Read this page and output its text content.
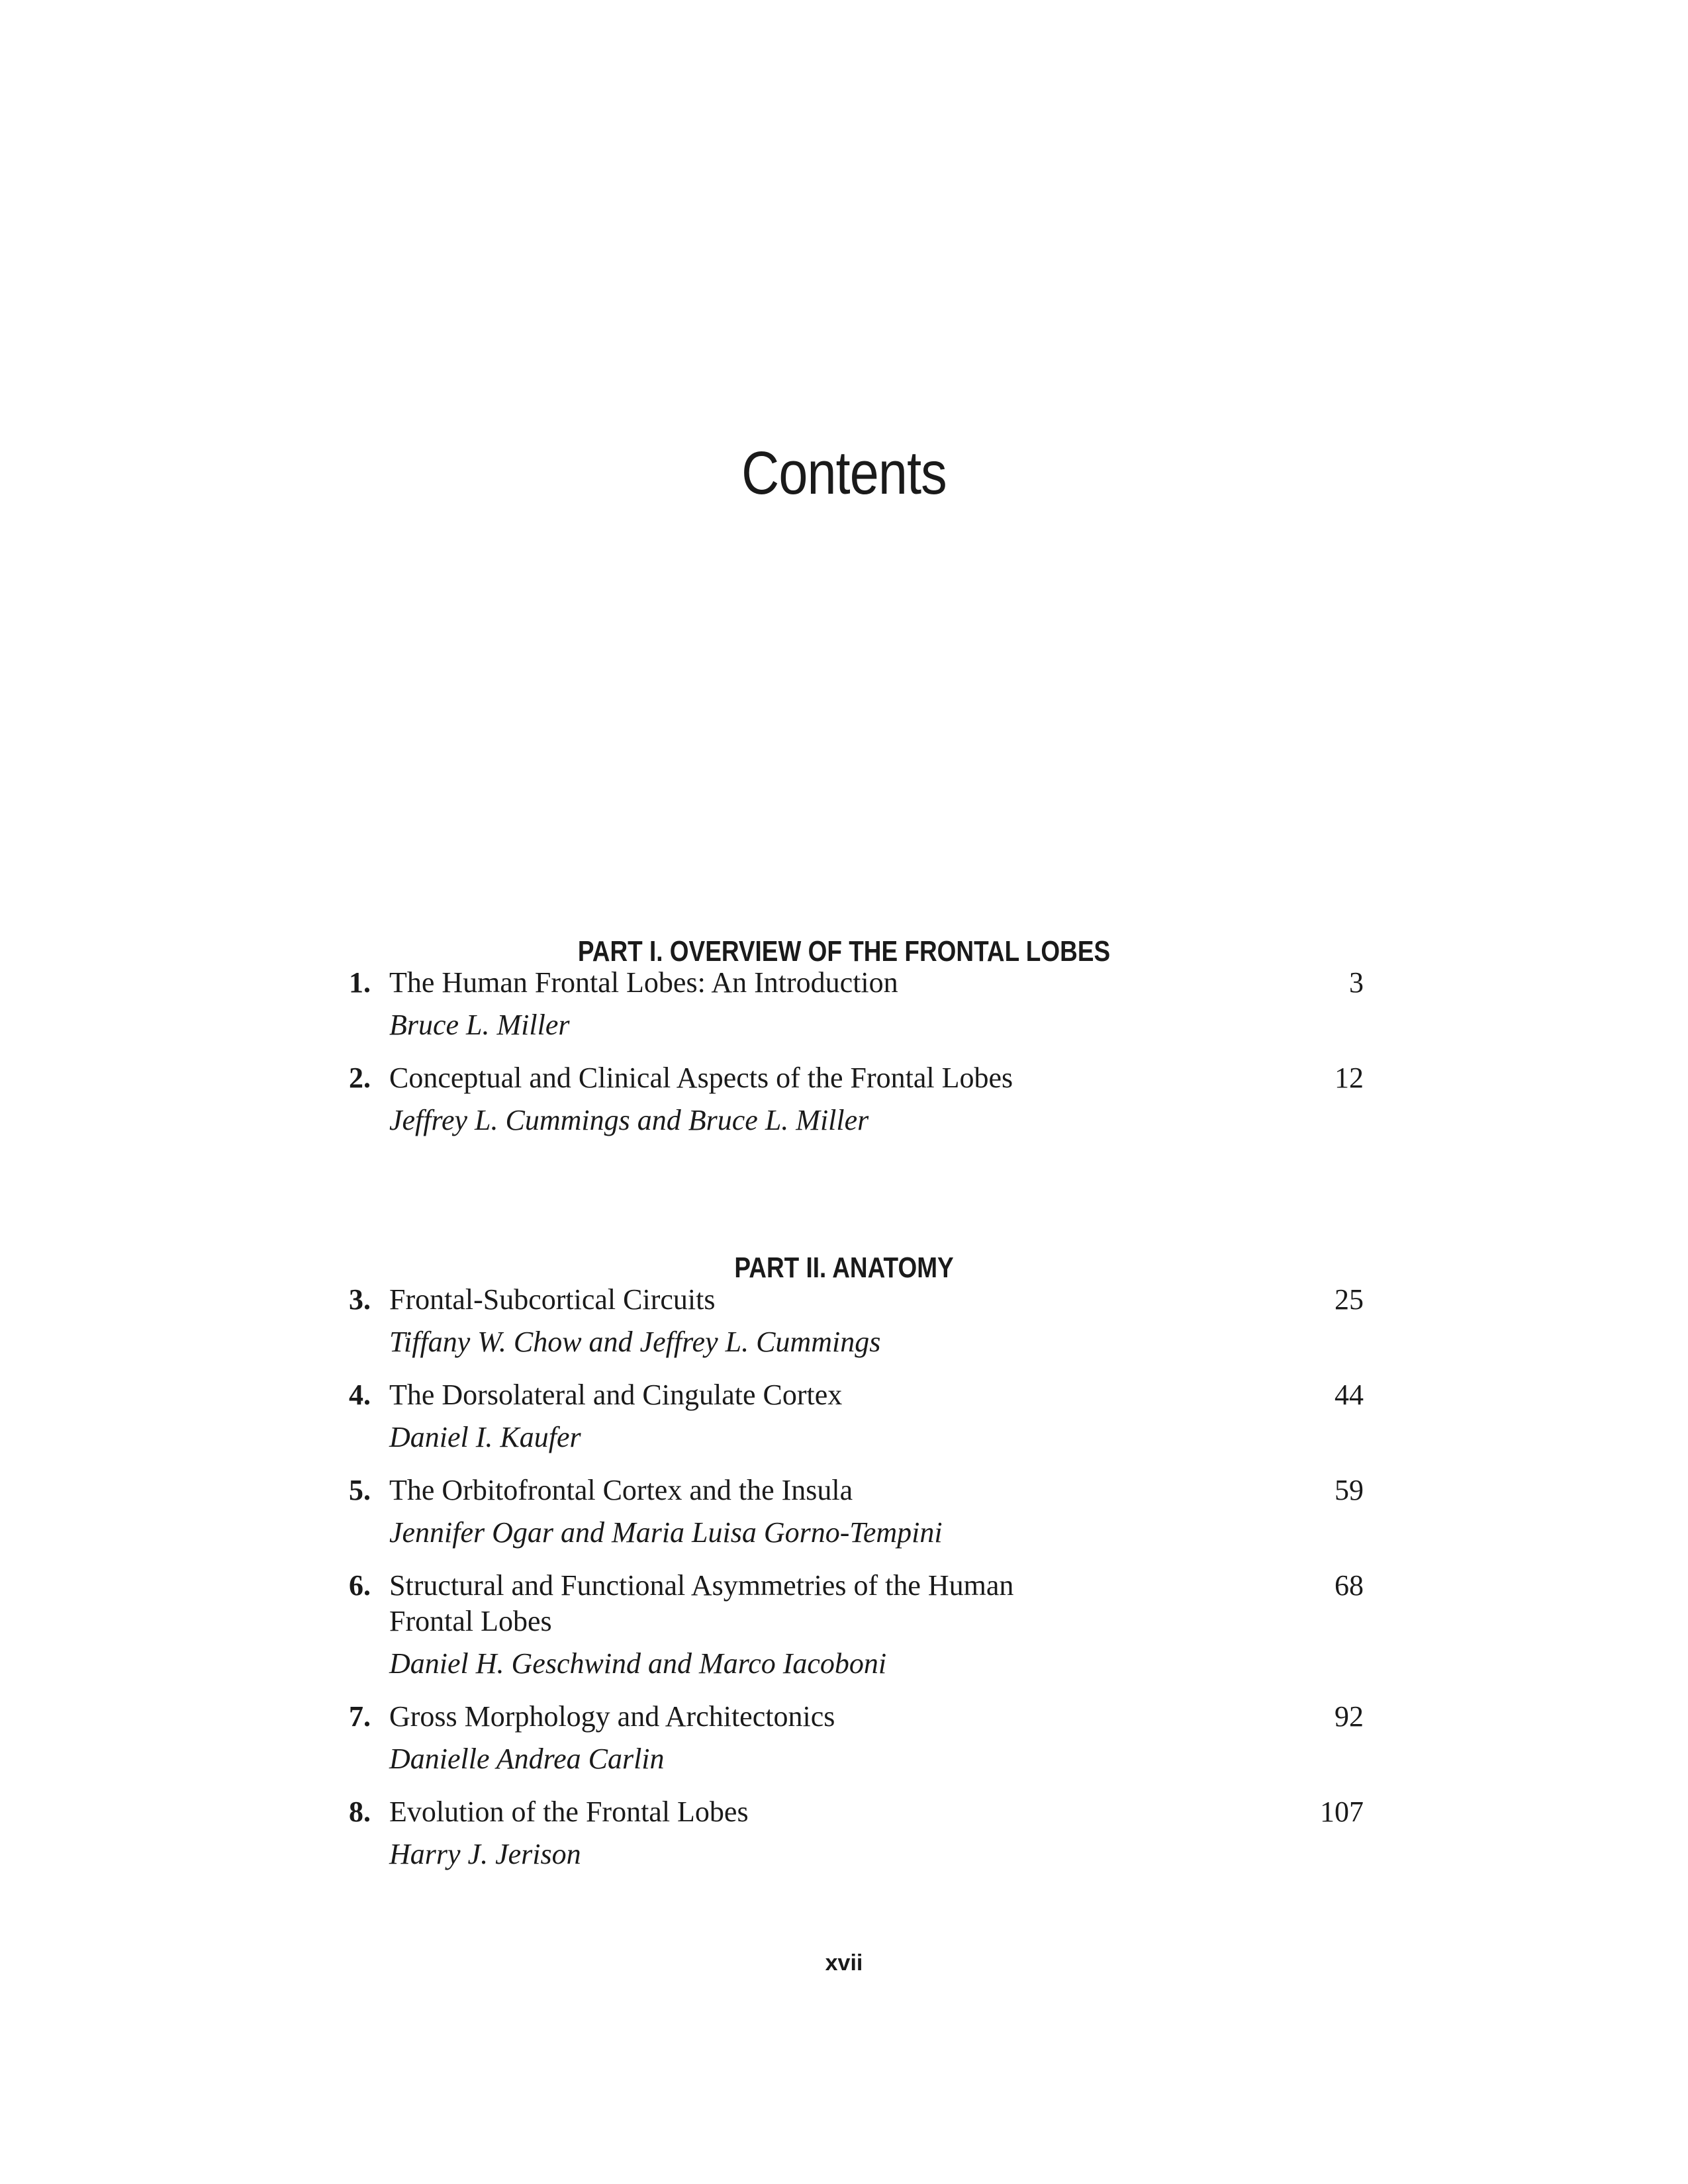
Contents
PART I. OVERVIEW OF THE FRONTAL LOBES
1. The Human Frontal Lobes: An Introduction
Bruce L. Miller
3
2. Conceptual and Clinical Aspects of the Frontal Lobes
Jeffrey L. Cummings and Bruce L. Miller
12
PART II. ANATOMY
3. Frontal-Subcortical Circuits
Tiffany W. Chow and Jeffrey L. Cummings
25
4. The Dorsolateral and Cingulate Cortex
Daniel I. Kaufer
44
5. The Orbitofrontal Cortex and the Insula
Jennifer Ogar and Maria Luisa Gorno-Tempini
59
6. Structural and Functional Asymmetries of the Human Frontal Lobes
Daniel H. Geschwind and Marco Iacoboni
68
7. Gross Morphology and Architectonics
Danielle Andrea Carlin
92
8. Evolution of the Frontal Lobes
Harry J. Jerison
107
xvii
